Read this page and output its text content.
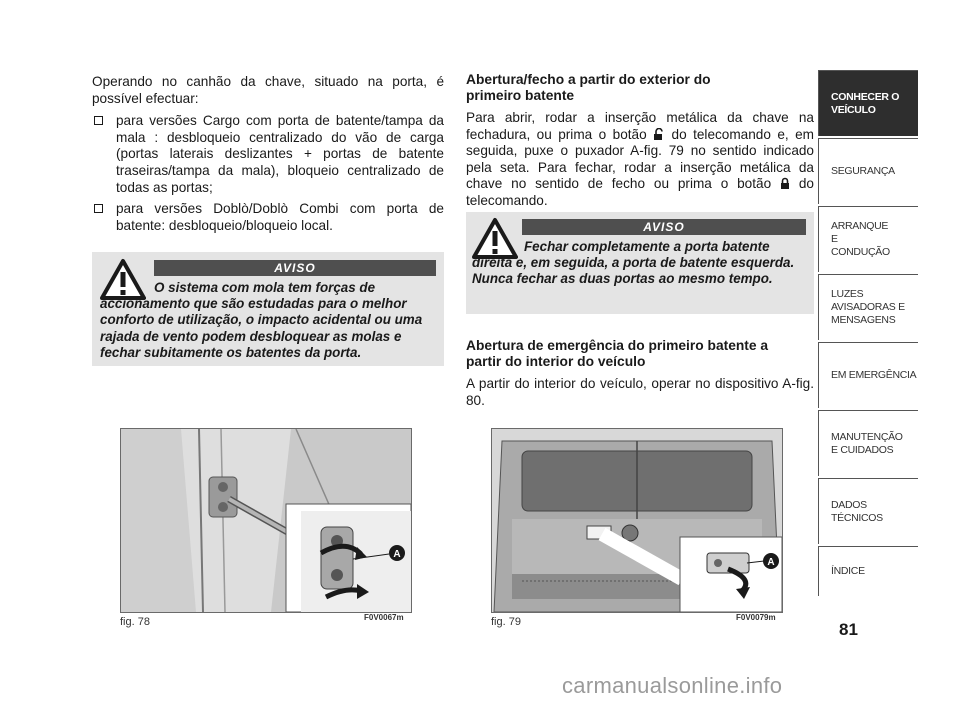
Operando no canhão da chave, situado na porta, é possível efectuar:

para versões Cargo com porta de batente/tampa da mala : desbloqueio centralizado do vão de carga (portas laterais deslizantes + portas de batente traseiras/tampa da mala), bloqueio centralizado de todas as portas;
para versões Doblò/Doblò Combi com porta de batente: desbloqueio/bloqueio local.
AVISO
O sistema com mola tem forças de accionamento que são estudadas para o melhor conforto de utilização, o impacto acidental ou uma rajada de vento podem desbloquear as molas e fechar subitamente os batentes da porta.
Abertura/fecho a partir do exterior do primeiro batente

Para abrir, rodar a inserção metálica da chave na fechadura, ou prima o botão do telecomando e, em seguida, puxe o puxador A-fig. 79 no sentido indicado pela seta. Para fechar, rodar a inserção metálica da chave no sentido de fecho ou prima o botão do telecomando.

AVISO
Fechar completamente a porta batente direita e, em seguida, a porta de batente esquerda. Nunca fechar as duas portas ao mesmo tempo.
Abertura de emergência do primeiro batente a partir do interior do veículo

A partir do interior do veículo, operar no dispositivo A-fig. 80.

A
fig. 78	F0V0067m
A
fig. 79	F0V0079m
CONHECER O VEÍCULO
SEGURANÇA
ARRANQUE E CONDUÇÃO
LUZES AVISADORAS E MENSAGENS
EM EMERGÊNCIA
MANUTENÇÃO E CUIDADOS
DADOS TÉCNICOS
ÍNDICE
81
carmanualsonline.info
